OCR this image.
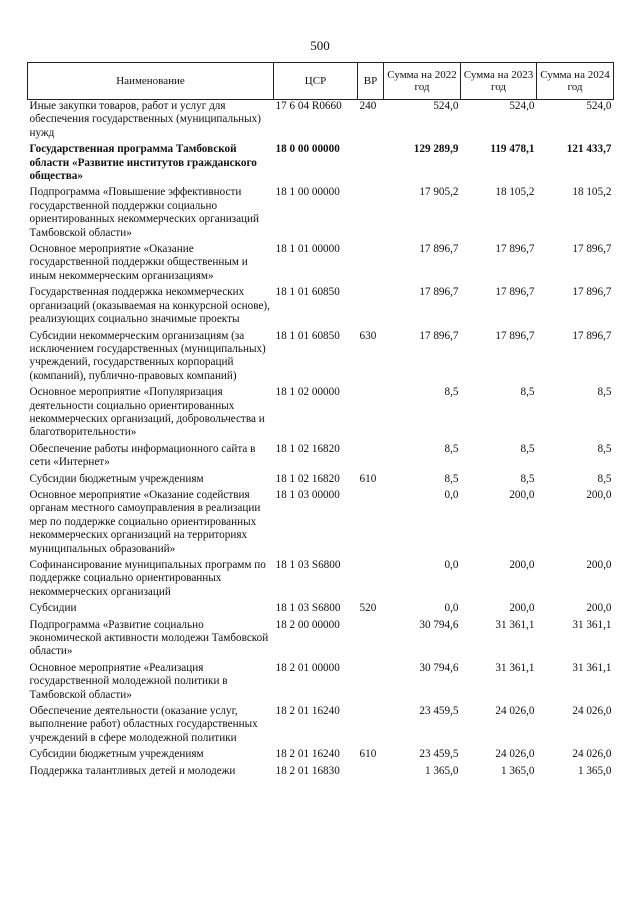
500
Наименование	ЦСР	ВР	Сумма на 2022 год	Сумма на 2023 год	Сумма на 2024 год
Иные закупки товаров, работ и услуг для обеспечения государственных (муниципальных) нужд	17 6 04 R0660	240	524,0	524,0	524,0
Государственная программа Тамбовской области «Развитие институтов гражданского общества»	18 0 00 00000		129 289,9	119 478,1	121 433,7
Подпрограмма «Повышение эффективности государственной поддержки социально ориентированных некоммерческих организаций Тамбовской области»	18 1 00 00000		17 905,2	18 105,2	18 105,2
Основное мероприятие «Оказание государственной поддержки общественным и иным некоммерческим организациям»	18 1 01 00000		17 896,7	17 896,7	17 896,7
Государственная поддержка некоммерческих организаций (оказываемая на конкурсной основе), реализующих социально значимые проекты	18 1 01 60850		17 896,7	17 896,7	17 896,7
Субсидии некоммерческим организациям (за исключением государственных (муниципальных) учреждений, государственных корпораций (компаний), публично-правовых компаний)	18 1 01 60850	630	17 896,7	17 896,7	17 896,7
Основное мероприятие «Популяризация деятельности социально ориентированных некоммерческих организаций, добровольчества и благотворительности»	18 1 02 00000		8,5	8,5	8,5
Обеспечение работы информационного сайта в сети «Интернет»	18 1 02 16820		8,5	8,5	8,5
Субсидии бюджетным учреждениям	18 1 02 16820	610	8,5	8,5	8,5
Основное мероприятие «Оказание содействия органам местного самоуправления в реализации мер по поддержке социально ориентированных некоммерческих организаций на территориях муниципальных образований»	18 1 03 00000		0,0	200,0	200,0
Софинансирование муниципальных программ по поддержке социально ориентированных некоммерческих организаций	18 1 03 S6800		0,0	200,0	200,0
Субсидии	18 1 03 S6800	520	0,0	200,0	200,0
Подпрограмма «Развитие социально экономической активности молодежи Тамбовской области»	18 2 00 00000		30 794,6	31 361,1	31 361,1
Основное мероприятие «Реализация государственной молодежной политики в Тамбовской области»	18 2 01 00000		30 794,6	31 361,1	31 361,1
Обеспечение деятельности (оказание услуг, выполнение работ) областных государственных учреждений в сфере молодежной политики	18 2 01 16240		23 459,5	24 026,0	24 026,0
Субсидии бюджетным учреждениям	18 2 01 16240	610	23 459,5	24 026,0	24 026,0
Поддержка талантливых детей и молодежи	18 2 01 16830		1 365,0	1 365,0	1 365,0
